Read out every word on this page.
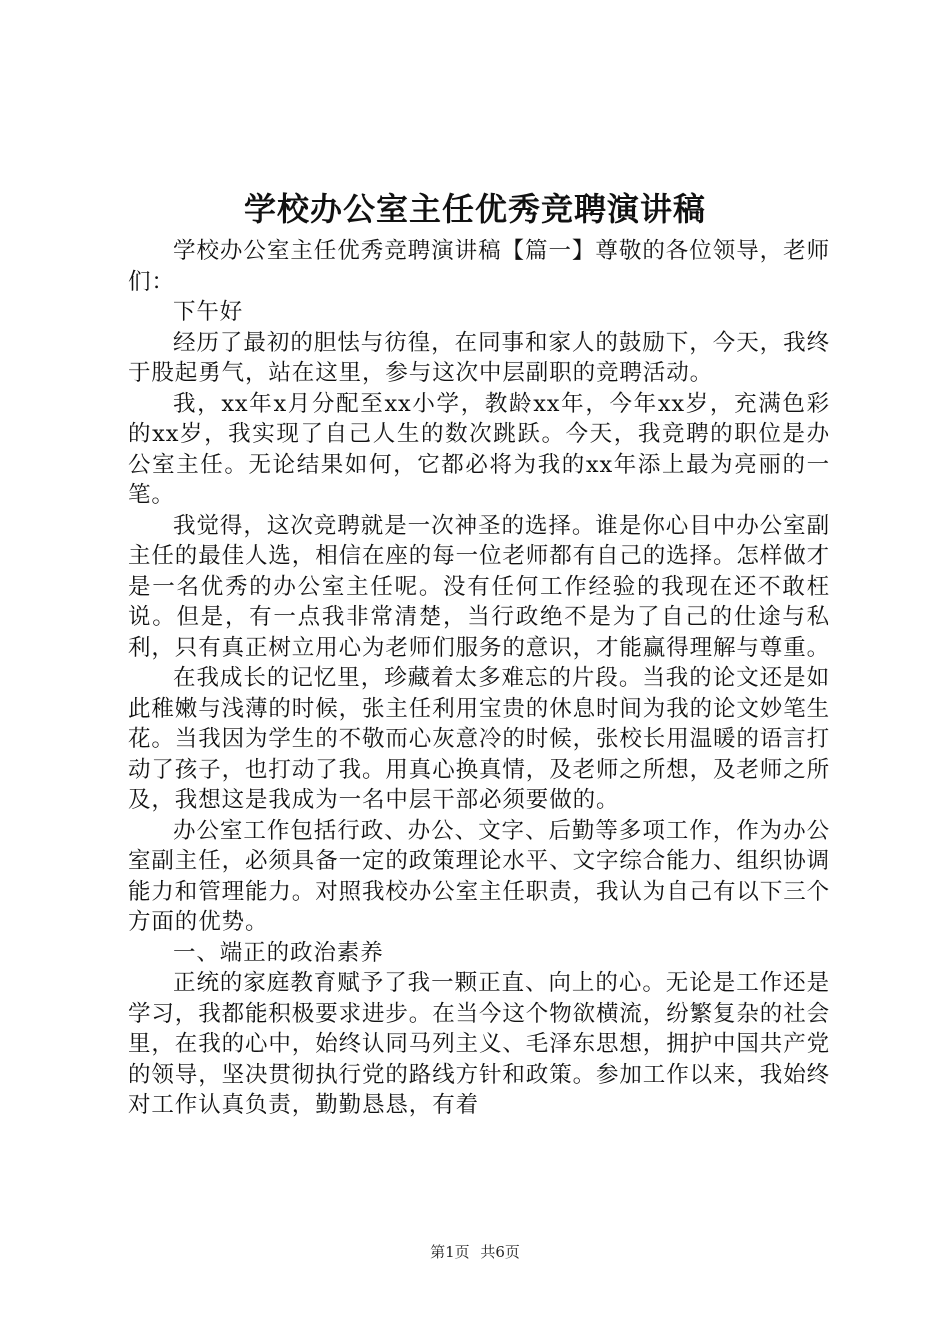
学校办公室主任优秀竞聘演讲稿

学校办公室主任优秀竞聘演讲稿【篇一】尊敬的各位领导，老师们：

下午好

经历了最初的胆怯与彷徨，在同事和家人的鼓励下，今天，我终于股起勇气，站在这里，参与这次中层副职的竞聘活动。

我，xx年x月分配至xx小学，教龄xx年，今年xx岁，充满色彩的xx岁，我实现了自己人生的数次跳跃。今天，我竞聘的职位是办公室主任。无论结果如何，它都必将为我的xx年添上最为亮丽的一笔。

我觉得，这次竞聘就是一次神圣的选择。谁是你心目中办公室副主任的最佳人选，相信在座的每一位老师都有自己的选择。怎样做才是一名优秀的办公室主任呢。没有任何工作经验的我现在还不敢枉说。但是，有一点我非常清楚，当行政绝不是为了自己的仕途与私利，只有真正树立用心为老师们服务的意识，才能赢得理解与尊重。

在我成长的记忆里，珍藏着太多难忘的片段。当我的论文还是如此稚嫩与浅薄的时候，张主任利用宝贵的休息时间为我的论文妙笔生花。当我因为学生的不敬而心灰意冷的时候，张校长用温暖的语言打动了孩子，也打动了我。用真心换真情，及老师之所想，及老师之所及，我想这是我成为一名中层干部必须要做的。

办公室工作包括行政、办公、文字、后勤等多项工作，作为办公室副主任，必须具备一定的政策理论水平、文字综合能力、组织协调能力和管理能力。对照我校办公室主任职责，我认为自己有以下三个方面的优势。

一、端正的政治素养

正统的家庭教育赋予了我一颗正直、向上的心。无论是工作还是学习，我都能积极要求进步。在当今这个物欲横流，纷繁复杂的社会里，在我的心中，始终认同马列主义、毛泽东思想，拥护中国共产党的领导，坚决贯彻执行党的路线方针和政策。参加工作以来，我始终对工作认真负责，勤勤恳恳，有着

第1页 共6页
